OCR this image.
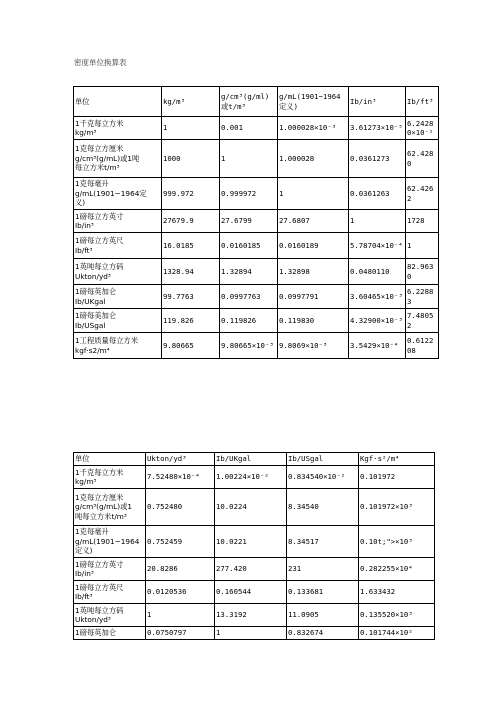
密度单位换算表
单位	kg/m³	g/cm³(g/ml)
或t/m³	g/mL(1901~1964
定义)	Ib/in³	Ib/ft³
1千克每立方米
kg/m³	1	0.001	1.000028×10⁻³	3.61273×10⁻⁵	6.24280×10⁻²
1克每立方厘米
g/cm³(g/mL)或1吨
每立方米t/m³	1000	1	1.000028	0.0361273	62.4280
1克每毫升
g/mL(1901~1964定
义)	999.972	0.999972	1	0.0361263	62.4262
1磅每立方英寸
Ib/in³	27679.9	27.6799	27.6807	1	1728
1磅每立方英尺
Ib/ft³	16.0185	0.0160185	0.0160189	5.78704×10⁻⁴	1
1英吨每立方码
Ukton/yd³	1328.94	1.32894	1.32898	0.0480110	82.9630
1磅每英加仑
Ib/UKgal	99.7763	0.0997763	0.0997791	3.60465×10⁻³	6.22883
1磅每美加仑
Ib/USgal	119.826	0.119826	0.119830	4.32900×10⁻³	7.48052
1工程质量每立方米
kgf·s2/m⁴	9.80665	9.80665×10⁻³	9.8069×10⁻³	3.5429×10⁻⁴	0.612208
单位	Ukton/yd³	Ib/UKgal	Ib/USgal	Kgf·s²/m⁴
1千克每立方米
kg/m³	7.52480×10⁻⁴	1.00224×10⁻²	0.834540×10⁻²	0.101972
1克每立方厘米
g/cm³(g/mL)或1
吨每立方米t/m³	0.752480	10.0224	8.34540	0.101972×10³
1克每毫升
g/mL(1901~1964
定义)	0.752459	10.0221	8.34517	0.10t;">×10³
1磅每立方英寸
Ib/in³	20.8286	277.420	231	0.282255×10⁴
1磅每立方英尺
Ib/ft³	0.0120536	0.160544	0.133681	1.633432
1英吨每立方码
Ukton/yd³	1	13.3192	11.0905	0.135520×10³
1磅每英加仑	0.0750797	1	0.832674	0.101744×10²
